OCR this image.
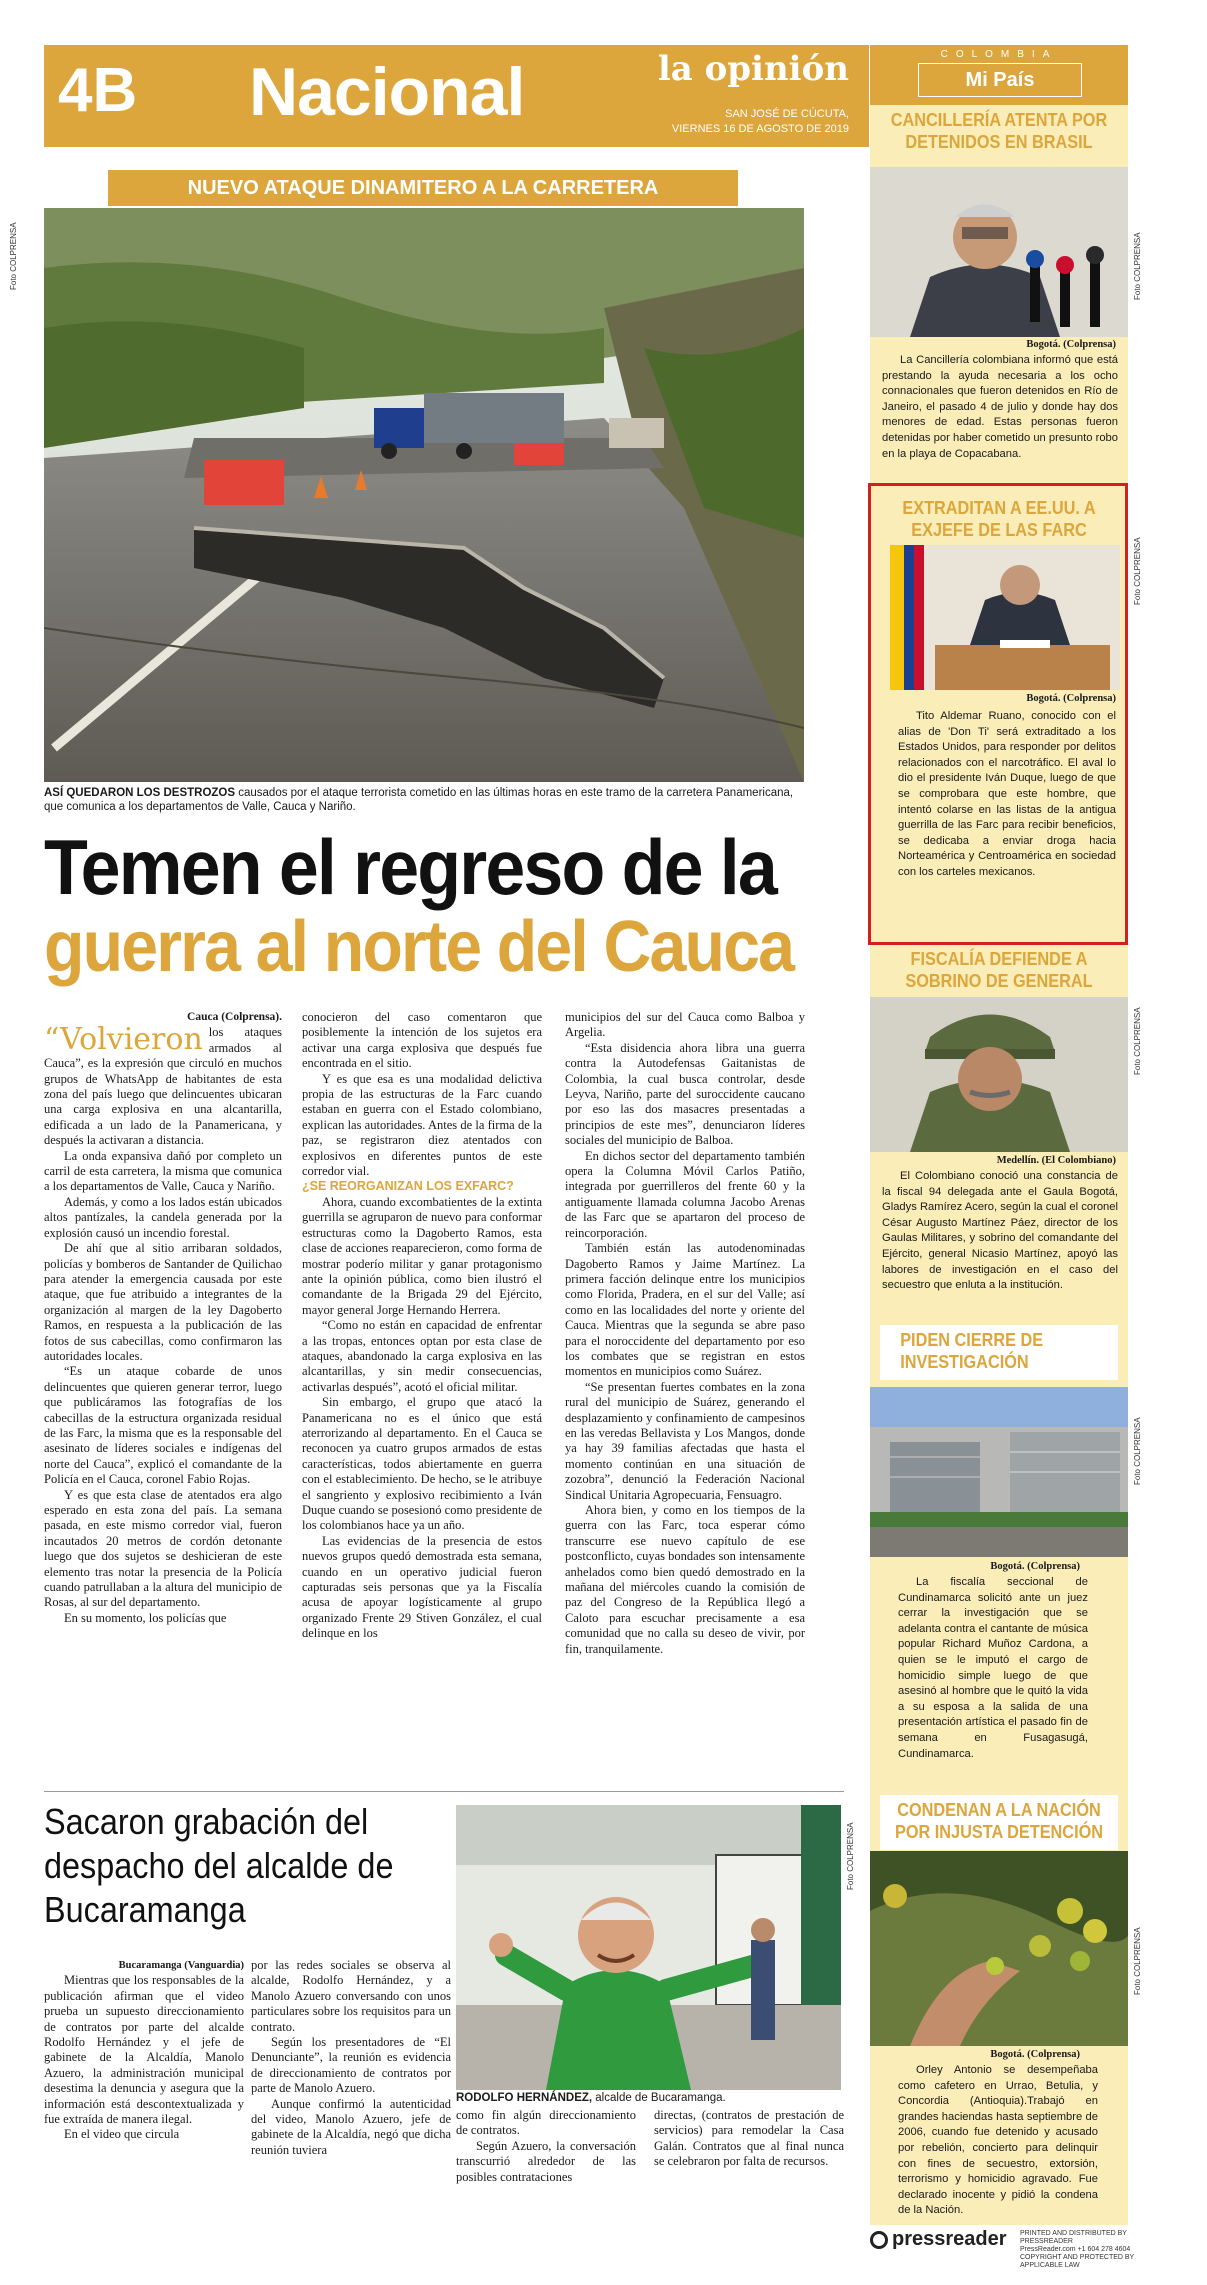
4B Nacional	la opinión
SAN JOSÉ DE CÚCUTA,
VIERNES 16 DE AGOSTO DE 2019
NUEVO ATAQUE DINAMITERO A LA CARRETERA
Foto COLPRENSA
ASÍ QUEDARON LOS DESTROZOS causados por el ataque terrorista cometido en las últimas horas en este tramo de la carretera Panamericana, que comunica a los departamentos de Valle, Cauca y Nariño.
Temen el regreso de la
guerra al norte del Cauca
Cauca (Colprensa).
“Volvieron los ataques armados al Cauca”, es la expresión que circuló en muchos grupos de WhatsApp de habitantes de esta zona del país luego que delincuentes ubicaran una carga explosiva en una alcantarilla, edificada a un lado de la Panamericana, y después la activaran a distancia.

La onda expansiva dañó por completo un carril de esta carretera, la misma que comunica a los departamentos de Valle, Cauca y Nariño.

Además, y como a los lados están ubicados altos pantízales, la candela generada por la explosión causó un incendio forestal.

De ahí que al sitio arribaran soldados, policías y bomberos de Santander de Quilichao para atender la emergencia causada por este ataque, que fue atribuido a integrantes de la organización al margen de la ley Dagoberto Ramos, en respuesta a la publicación de las fotos de sus cabecillas, como confirmaron las autoridades locales.

“Es un ataque cobarde de unos delincuentes que quieren generar terror, luego que publicáramos las fotografías de los cabecillas de la estructura organizada residual de las Farc, la misma que es la responsable del asesinato de líderes sociales e indígenas del norte del Cauca”, explicó el comandante de la Policía en el Cauca, coronel Fabio Rojas.

Y es que esta clase de atentados era algo esperado en esta zona del país. La semana pasada, en este mismo corredor vial, fueron incautados 20 metros de cordón detonante luego que dos sujetos se deshicieran de este elemento tras notar la presencia de la Policía cuando patrullaban a la altura del municipio de Rosas, al sur del departamento.

En su momento, los policías que

conocieron del caso comentaron que posiblemente la intención de los sujetos era activar una carga explosiva que después fue encontrada en el sitio.

Y es que esa es una modalidad delictiva propia de las estructuras de la Farc cuando estaban en guerra con el Estado colombiano, explican las autoridades. Antes de la firma de la paz, se registraron diez atentados con explosivos en diferentes puntos de este corredor vial.

¿SE REORGANIZAN LOS EXFARC?

Ahora, cuando excombatientes de la extinta guerrilla se agruparon de nuevo para conformar estructuras como la Dagoberto Ramos, esta clase de acciones reaparecieron, como forma de mostrar poderío militar y ganar protagonismo ante la opinión pública, como bien ilustró el comandante de la Brigada 29 del Ejército, mayor general Jorge Hernando Herrera.

“Como no están en capacidad de enfrentar a las tropas, entonces optan por esta clase de ataques, abandonado la carga explosiva en las alcantarillas, y sin medir consecuencias, activarlas después”, acotó el oficial militar.

Sin embargo, el grupo que atacó la Panamericana no es el único que está aterrorizando al departamento. En el Cauca se reconocen ya cuatro grupos armados de estas características, todos abiertamente en guerra con el establecimiento. De hecho, se le atribuye el sangriento y explosivo recibimiento a Iván Duque cuando se posesionó como presidente de los colombianos hace ya un año.

Las evidencias de la presencia de estos nuevos grupos quedó demostrada esta semana, cuando en un operativo judicial fueron capturadas seis personas que ya la Fiscalía acusa de apoyar logísticamente al grupo organizado Frente 29 Stiven González, el cual delinque en los

municipios del sur del Cauca como Balboa y Argelia.

“Esta disidencia ahora libra una guerra contra la Autodefensas Gaitanistas de Colombia, la cual busca controlar, desde Leyva, Nariño, parte del suroccidente caucano por eso las dos masacres presentadas a principios de este mes”, denunciaron líderes sociales del municipio de Balboa.

En dichos sector del departamento también opera la Columna Móvil Carlos Patiño, integrada por guerrilleros del frente 60 y la antiguamente llamada columna Jacobo Arenas de las Farc que se apartaron del proceso de reincorporación.

También están las autodenominadas Dagoberto Ramos y Jaime Martínez. La primera facción delinque entre los municipios como Florida, Pradera, en el sur del Valle; así como en las localidades del norte y oriente del Cauca. Mientras que la segunda se abre paso para el noroccidente del departamento por eso los combates que se registran en estos momentos en municipios como Suárez.

“Se presentan fuertes combates en la zona rural del municipio de Suárez, generando el desplazamiento y confinamiento de campesinos en las veredas Bellavista y Los Mangos, donde ya hay 39 familias afectadas que hasta el momento continúan en una situación de zozobra”, denunció la Federación Nacional Sindical Unitaria Agropecuaria, Fensuagro.

Ahora bien, y como en los tiempos de la guerra con las Farc, toca esperar cómo transcurre ese nuevo capítulo de ese postconflicto, cuyas bondades son intensamente anhelados como bien quedó demostrado en la mañana del miércoles cuando la comisión de paz del Congreso de la República llegó a Caloto para escuchar precisamente a esa comunidad que no calla su deseo de vivir, por fin, tranquilamente.

Sacaron grabación del despacho del alcalde de Bucaramanga
Foto COLPRENSA
RODOLFO HERNÁNDEZ, alcalde de Bucaramanga.
Bucaramanga (Vanguardia)

Mientras que los responsables de la publicación afirman que el video prueba un supuesto direccionamiento de contratos por parte del alcalde Rodolfo Hernández y el jefe de gabinete de la Alcaldía, Manolo Azuero, la administración municipal desestima la denuncia y asegura que la información está descontextualizada y fue extraída de manera ilegal.

En el video que circula

por las redes sociales se observa al alcalde, Rodolfo Hernández, y a Manolo Azuero conversando con unos particulares sobre los requisitos para un contrato.

Según los presentadores de “El Denunciante”, la reunión es evidencia de direccionamiento de contratos por parte de Manolo Azuero.

Aunque confirmó la autenticidad del video, Manolo Azuero, jefe de gabinete de la Alcaldía, negó que dicha reunión tuviera

como fin algún direccionamiento de contratos.

Según Azuero, la conversación transcurrió alrededor de las posibles contrataciones

directas, (contratos de prestación de servicios) para remodelar la Casa Galán. Contratos que al final nunca se celebraron por falta de recursos.

COLOMBIA
Mi País
CANCILLERÍA ATENTA POR DETENIDOS EN BRASIL
Foto COLPRENSA
Bogotá. (Colprensa)

La Cancillería colombiana informó que está prestando la ayuda necesaria a los ocho connacionales que fueron detenidos en Río de Janeiro, el pasado 4 de julio y donde hay dos menores de edad. Estas personas fueron detenidas por haber cometido un presunto robo en la playa de Copacabana.

EXTRADITAN A EE.UU. A EXJEFE DE LAS FARC
Foto COLPRENSA
Bogotá. (Colprensa)

Tito Aldemar Ruano, conocido con el alias de 'Don Ti' será extraditado a los Estados Unidos, para responder por delitos relacionados con el narcotráfico. El aval lo dio el presidente Iván Duque, luego de que se comprobara que este hombre, que intentó colarse en las listas de la antigua guerrilla de las Farc para recibir beneficios, se dedicaba a enviar droga hacia Norteamérica y Centroamérica en sociedad con los carteles mexicanos.

FISCALÍA DEFIENDE A SOBRINO DE GENERAL
Foto COLPRENSA
Medellín. (El Colombiano)

El Colombiano conoció una constancia de la fiscal 94 delegada ante el Gaula Bogotá, Gladys Ramírez Acero, según la cual el coronel César Augusto Martínez Páez, director de los Gaulas Militares, y sobrino del comandante del Ejército, general Nicasio Martínez, apoyó las labores de investigación en el caso del secuestro que enluta a la institución.

PIDEN CIERRE DE INVESTIGACIÓN
Foto COLPRENSA
Bogotá. (Colprensa)

La fiscalía seccional de Cundinamarca solicitó ante un juez cerrar la investigación que se adelanta contra el cantante de música popular Richard Muñoz Cardona, a quien se le imputó el cargo de homicidio simple luego de que asesinó al hombre que le quitó la vida a su esposa a la salida de una presentación artística el pasado fin de semana en Fusagasugá, Cundinamarca.

CONDENAN A LA NACIÓN POR INJUSTA DETENCIÓN
Foto COLPRENSA
Bogotá. (Colprensa)

Orley Antonio se desempeñaba como cafetero en Urrao, Betulia, y Concordia (Antioquia).Trabajó en grandes haciendas hasta septiembre de 2006, cuando fue detenido y acusado por rebelión, concierto para delinquir con fines de secuestro, extorsión, terrorismo y homicidio agravado. Fue declarado inocente y pidió la condena de la Nación.

pressreader PRINTED AND DISTRIBUTED BY PRESSREADER
PressReader.com +1 604 278 4604
COPYRIGHT AND PROTECTED BY APPLICABLE LAW
